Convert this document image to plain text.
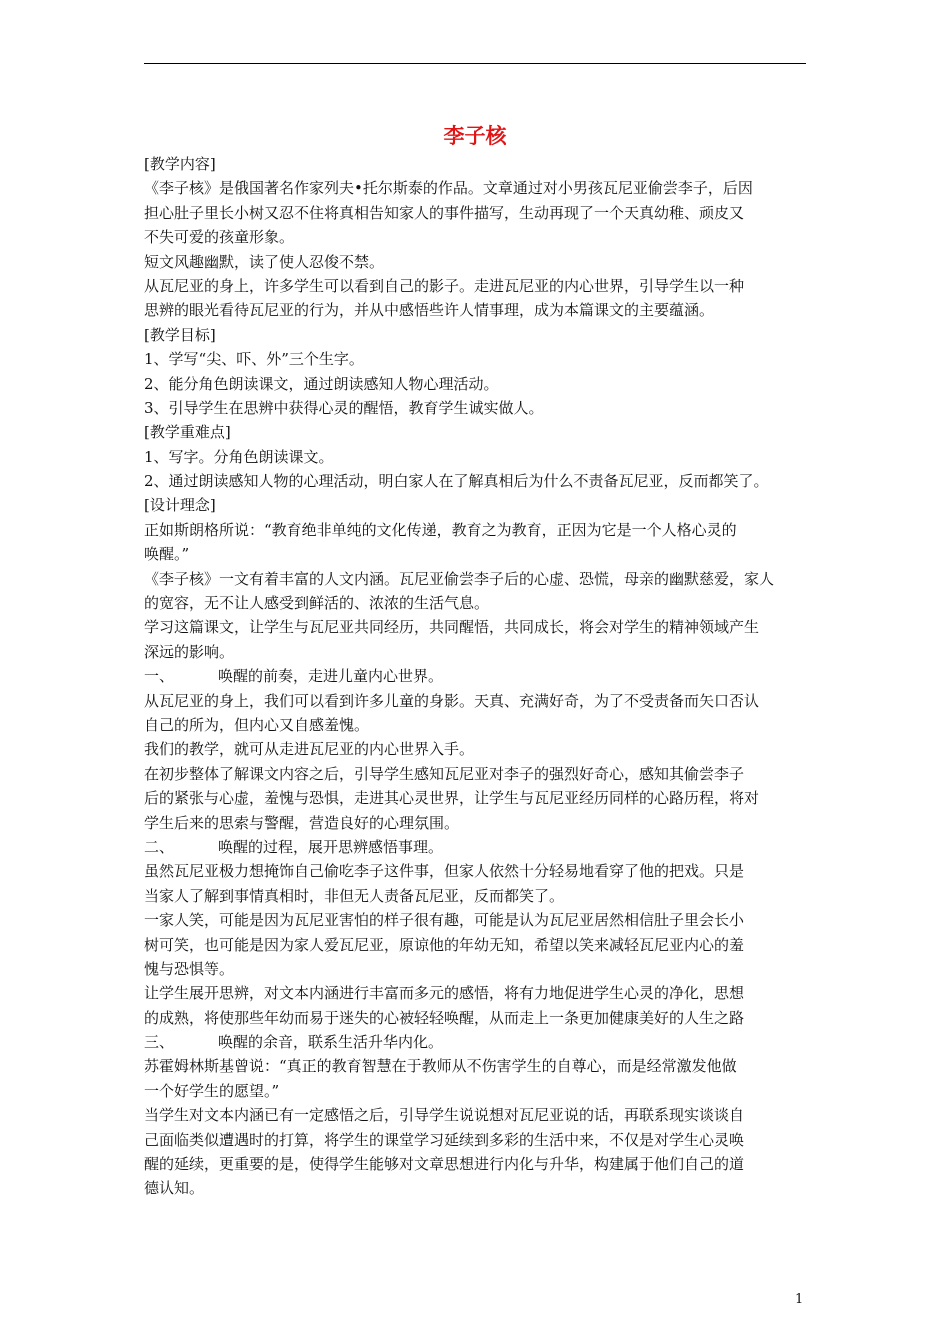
李子核
[教学内容]
《李子核》是俄国著名作家列夫•托尔斯泰的作品。文章通过对小男孩瓦尼亚偷尝李子，后因
担心肚子里长小树又忍不住将真相告知家人的事件描写，生动再现了一个天真幼稚、顽皮又
不失可爱的孩童形象。
短文风趣幽默，读了使人忍俊不禁。
从瓦尼亚的身上，许多学生可以看到自己的影子。走进瓦尼亚的内心世界，引导学生以一种
思辨的眼光看待瓦尼亚的行为，并从中感悟些许人情事理，成为本篇课文的主要蕴涵。
[教学目标]
1、学写“尖、吓、外”三个生字。
2、能分角色朗读课文，通过朗读感知人物心理活动。
3、引导学生在思辨中获得心灵的醒悟，教育学生诚实做人。
[教学重难点]
1、写字。分角色朗读课文。
2、通过朗读感知人物的心理活动，明白家人在了解真相后为什么不责备瓦尼亚，反而都笑了。
[设计理念]
正如斯朗格所说：“教育绝非单纯的文化传递，教育之为教育，正因为它是一个人格心灵的
唤醒。”
《李子核》一文有着丰富的人文内涵。瓦尼亚偷尝李子后的心虚、恐慌，母亲的幽默慈爱，家人
的宽容，无不让人感受到鲜活的、浓浓的生活气息。
学习这篇课文，让学生与瓦尼亚共同经历，共同醒悟，共同成长，将会对学生的精神领域产生
深远的影响。
一、	唤醒的前奏，走进儿童内心世界。
从瓦尼亚的身上，我们可以看到许多儿童的身影。天真、充满好奇，为了不受责备而矢口否认
自己的所为，但内心又自感羞愧。
我们的教学，就可从走进瓦尼亚的内心世界入手。
在初步整体了解课文内容之后，引导学生感知瓦尼亚对李子的强烈好奇心，感知其偷尝李子
后的紧张与心虚，羞愧与恐惧，走进其心灵世界，让学生与瓦尼亚经历同样的心路历程，将对
学生后来的思索与警醒，营造良好的心理氛围。
二、	唤醒的过程，展开思辨感悟事理。
虽然瓦尼亚极力想掩饰自己偷吃李子这件事，但家人依然十分轻易地看穿了他的把戏。只是
当家人了解到事情真相时，非但无人责备瓦尼亚，反而都笑了。
一家人笑，可能是因为瓦尼亚害怕的样子很有趣，可能是认为瓦尼亚居然相信肚子里会长小
树可笑，也可能是因为家人爱瓦尼亚，原谅他的年幼无知，希望以笑来减轻瓦尼亚内心的羞
愧与恐惧等。
让学生展开思辨，对文本内涵进行丰富而多元的感悟，将有力地促进学生心灵的净化，思想
的成熟，将使那些年幼而易于迷失的心被轻轻唤醒，从而走上一条更加健康美好的人生之路
三、	唤醒的余音，联系生活升华内化。
苏霍姆林斯基曾说：“真正的教育智慧在于教师从不伤害学生的自尊心，而是经常激发他做
一个好学生的愿望。”
当学生对文本内涵已有一定感悟之后，引导学生说说想对瓦尼亚说的话，再联系现实谈谈自
己面临类似遭遇时的打算，将学生的课堂学习延续到多彩的生活中来，不仅是对学生心灵唤
醒的延续，更重要的是，使得学生能够对文章思想进行内化与升华，构建属于他们自己的道
德认知。
1
